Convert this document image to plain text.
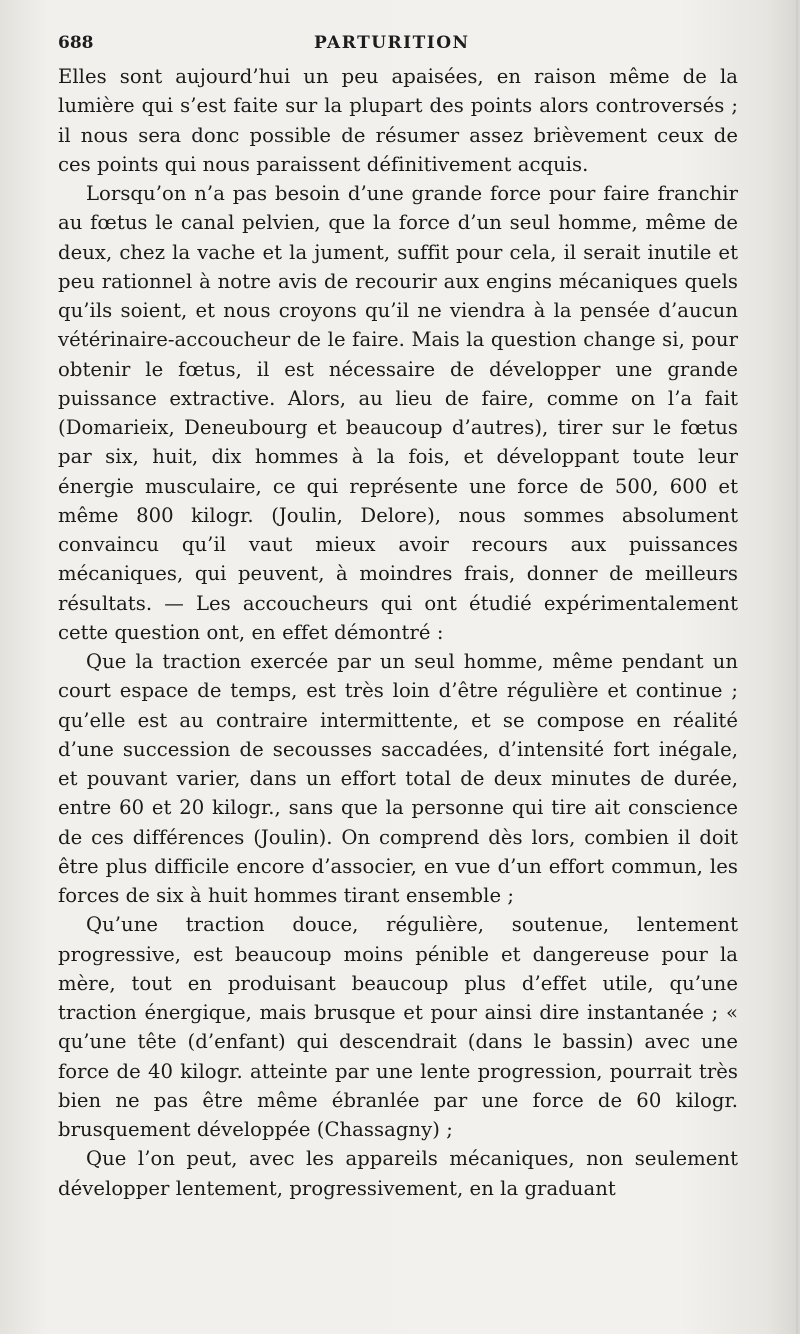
688	PARTURITION

Elles sont aujourd’hui un peu apaisées, en raison même de la lumière qui s’est faite sur la plupart des points alors controversés ; il nous sera donc possible de résumer assez brièvement ceux de ces points qui nous paraissent définitivement acquis.

Lorsqu’on n’a pas besoin d’une grande force pour faire franchir au fœtus le canal pelvien, que la force d’un seul homme, même de deux, chez la vache et la jument, suffit pour cela, il serait inutile et peu rationnel à notre avis de recourir aux engins mécaniques quels qu’ils soient, et nous croyons qu’il ne viendra à la pensée d’aucun vétérinaire-accoucheur de le faire. Mais la question change si, pour obtenir le fœtus, il est nécessaire de développer une grande puissance extractive. Alors, au lieu de faire, comme on l’a fait (Domarieix, Deneubourg et beaucoup d’autres), tirer sur le fœtus par six, huit, dix hommes à la fois, et développant toute leur énergie musculaire, ce qui représente une force de 500, 600 et même 800 kilogr. (Joulin, Delore), nous sommes absolument convaincu qu’il vaut mieux avoir recours aux puissances mécaniques, qui peuvent, à moindres frais, donner de meilleurs résultats. — Les accoucheurs qui ont étudié expérimentalement cette question ont, en effet démontré :

Que la traction exercée par un seul homme, même pendant un court espace de temps, est très loin d’être régulière et continue ; qu’elle est au contraire intermittente, et se compose en réalité d’une succession de secousses saccadées, d’intensité fort inégale, et pouvant varier, dans un effort total de deux minutes de durée, entre 60 et 20 kilogr., sans que la personne qui tire ait conscience de ces différences (Joulin). On comprend dès lors, combien il doit être plus difficile encore d’associer, en vue d’un effort commun, les forces de six à huit hommes tirant ensemble ;

Qu’une traction douce, régulière, soutenue, lentement progressive, est beaucoup moins pénible et dangereuse pour la mère, tout en produisant beaucoup plus d’effet utile, qu’une traction énergique, mais brusque et pour ainsi dire instantanée ; « qu’une tête (d’enfant) qui descendrait (dans le bassin) avec une force de 40 kilogr. atteinte par une lente progression, pourrait très bien ne pas être même ébranlée par une force de 60 kilogr. brusquement développée (Chassagny) ;

Que l’on peut, avec les appareils mécaniques, non seulement développer lentement, progressivement, en la graduant
